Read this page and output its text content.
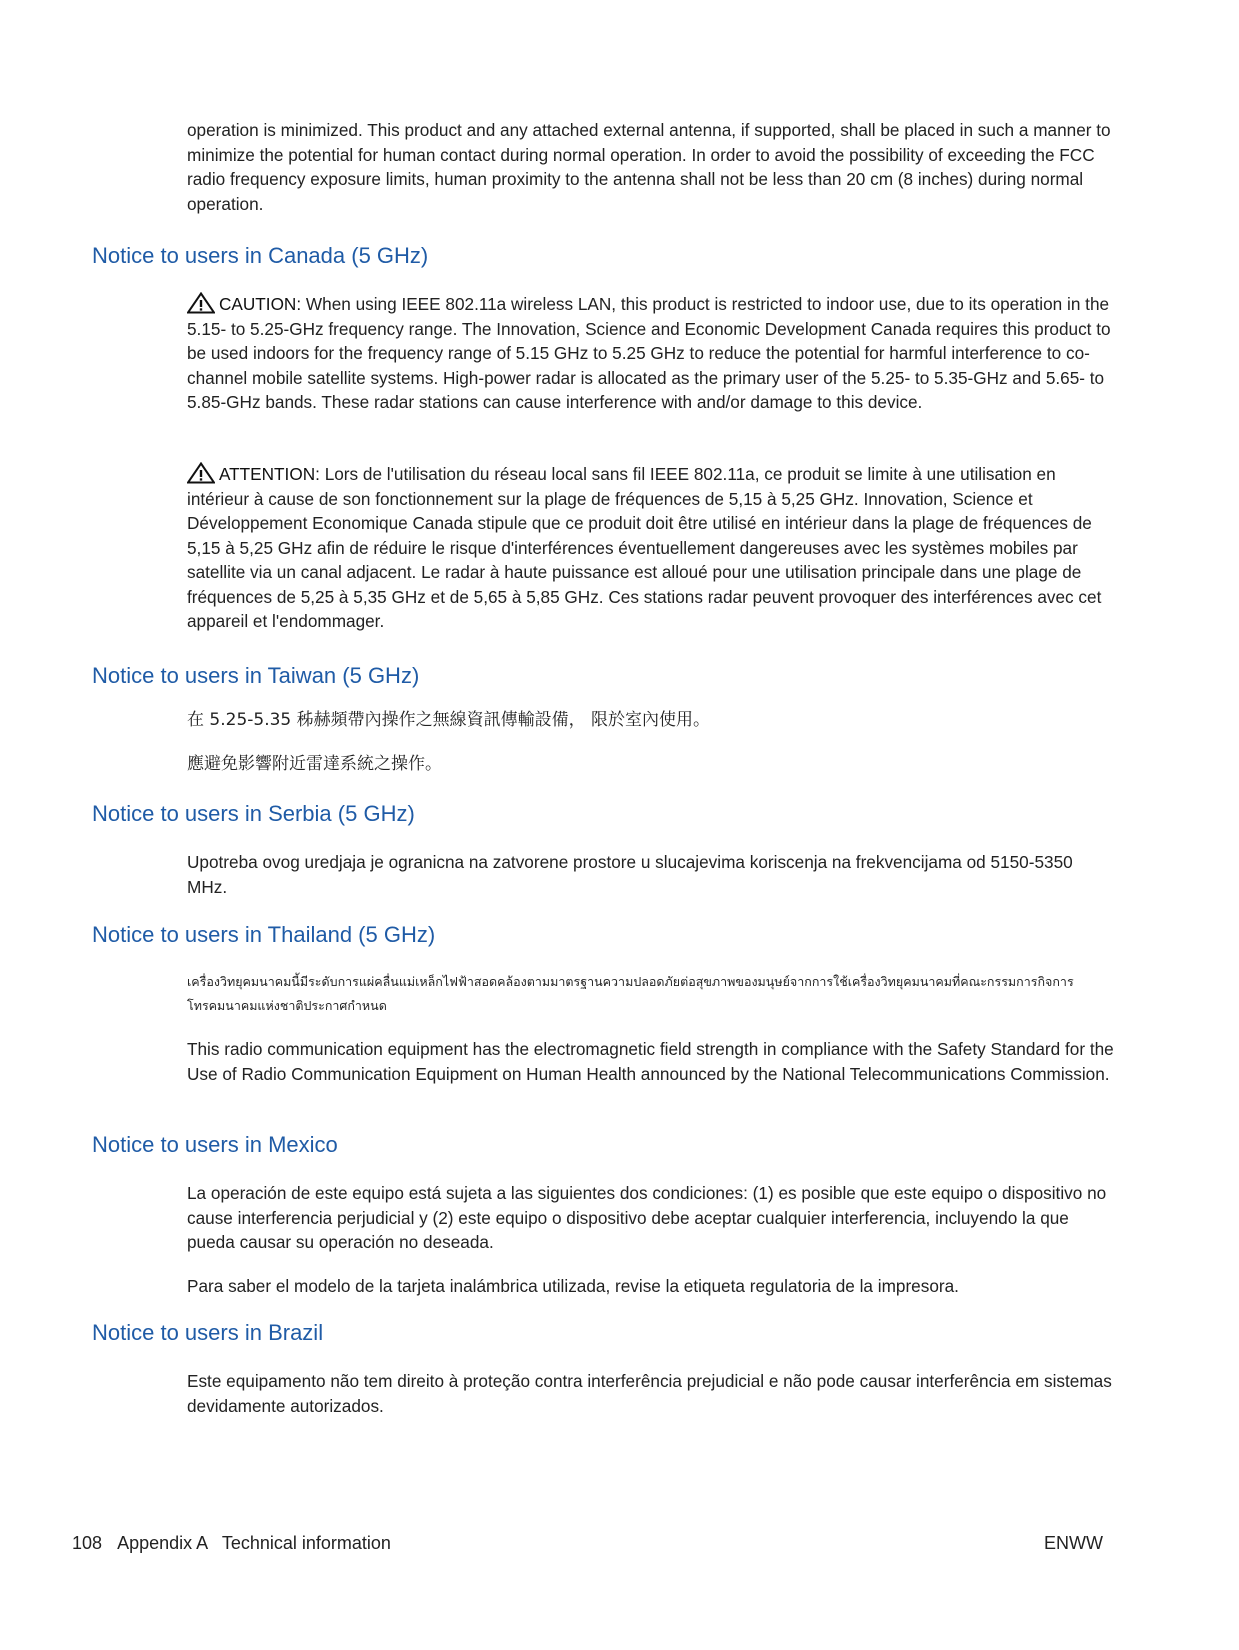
operation is minimized. This product and any attached external antenna, if supported, shall be placed in such a manner to minimize the potential for human contact during normal operation. In order to avoid the possibility of exceeding the FCC radio frequency exposure limits, human proximity to the antenna shall not be less than 20 cm (8 inches) during normal operation.

Notice to users in Canada (5 GHz)

CAUTION: When using IEEE 802.11a wireless LAN, this product is restricted to indoor use, due to its operation in the 5.15- to 5.25-GHz frequency range. The Innovation, Science and Economic Development Canada requires this product to be used indoors for the frequency range of 5.15 GHz to 5.25 GHz to reduce the potential for harmful interference to co-channel mobile satellite systems. High-power radar is allocated as the primary user of the 5.25- to 5.35-GHz and 5.65- to 5.85-GHz bands. These radar stations can cause interference with and/or damage to this device.

ATTENTION: Lors de l'utilisation du réseau local sans fil IEEE 802.11a, ce produit se limite à une utilisation en intérieur à cause de son fonctionnement sur la plage de fréquences de 5,15 à 5,25 GHz. Innovation, Science et Développement Economique Canada stipule que ce produit doit être utilisé en intérieur dans la plage de fréquences de 5,15 à 5,25 GHz afin de réduire le risque d'interférences éventuellement dangereuses avec les systèmes mobiles par satellite via un canal adjacent. Le radar à haute puissance est alloué pour une utilisation principale dans une plage de fréquences de 5,25 à 5,35 GHz et de 5,65 à 5,85 GHz. Ces stations radar peuvent provoquer des interférences avec cet appareil et l'endommager.

Notice to users in Taiwan (5 GHz)

在 5.25-5.35 秭赫頻帶內操作之無線資訊傳輸設備， 限於室內使用。

應避免影響附近雷達系統之操作。

Notice to users in Serbia (5 GHz)

Upotreba ovog uredjaja je ogranicna na zatvorene prostore u slucajevima koriscenja na frekvencijama od 5150-5350 MHz.

Notice to users in Thailand (5 GHz)

เครื่องวิทยุคมนาคมนี้มีระดับการแผ่คลื่นแม่เหล็กไฟฟ้าสอดคล้องตามมาตรฐานความปลอดภัยต่อสุขภาพของมนุษย์จากการใช้เครื่องวิทยุคมนาคมที่คณะกรรมการกิจการโทรคมนาคมแห่งชาติประกาศกำหนด

This radio communication equipment has the electromagnetic field strength in compliance with the Safety Standard for the Use of Radio Communication Equipment on Human Health announced by the National Telecommunications Commission.

Notice to users in Mexico

La operación de este equipo está sujeta a las siguientes dos condiciones: (1) es posible que este equipo o dispositivo no cause interferencia perjudicial y (2) este equipo o dispositivo debe aceptar cualquier interferencia, incluyendo la que pueda causar su operación no deseada.

Para saber el modelo de la tarjeta inalámbrica utilizada, revise la etiqueta regulatoria de la impresora.

Notice to users in Brazil

Este equipamento não tem direito à proteção contra interferência prejudicial e não pode causar interferência em sistemas devidamente autorizados.

108 Appendix A   Technical information	ENWW
